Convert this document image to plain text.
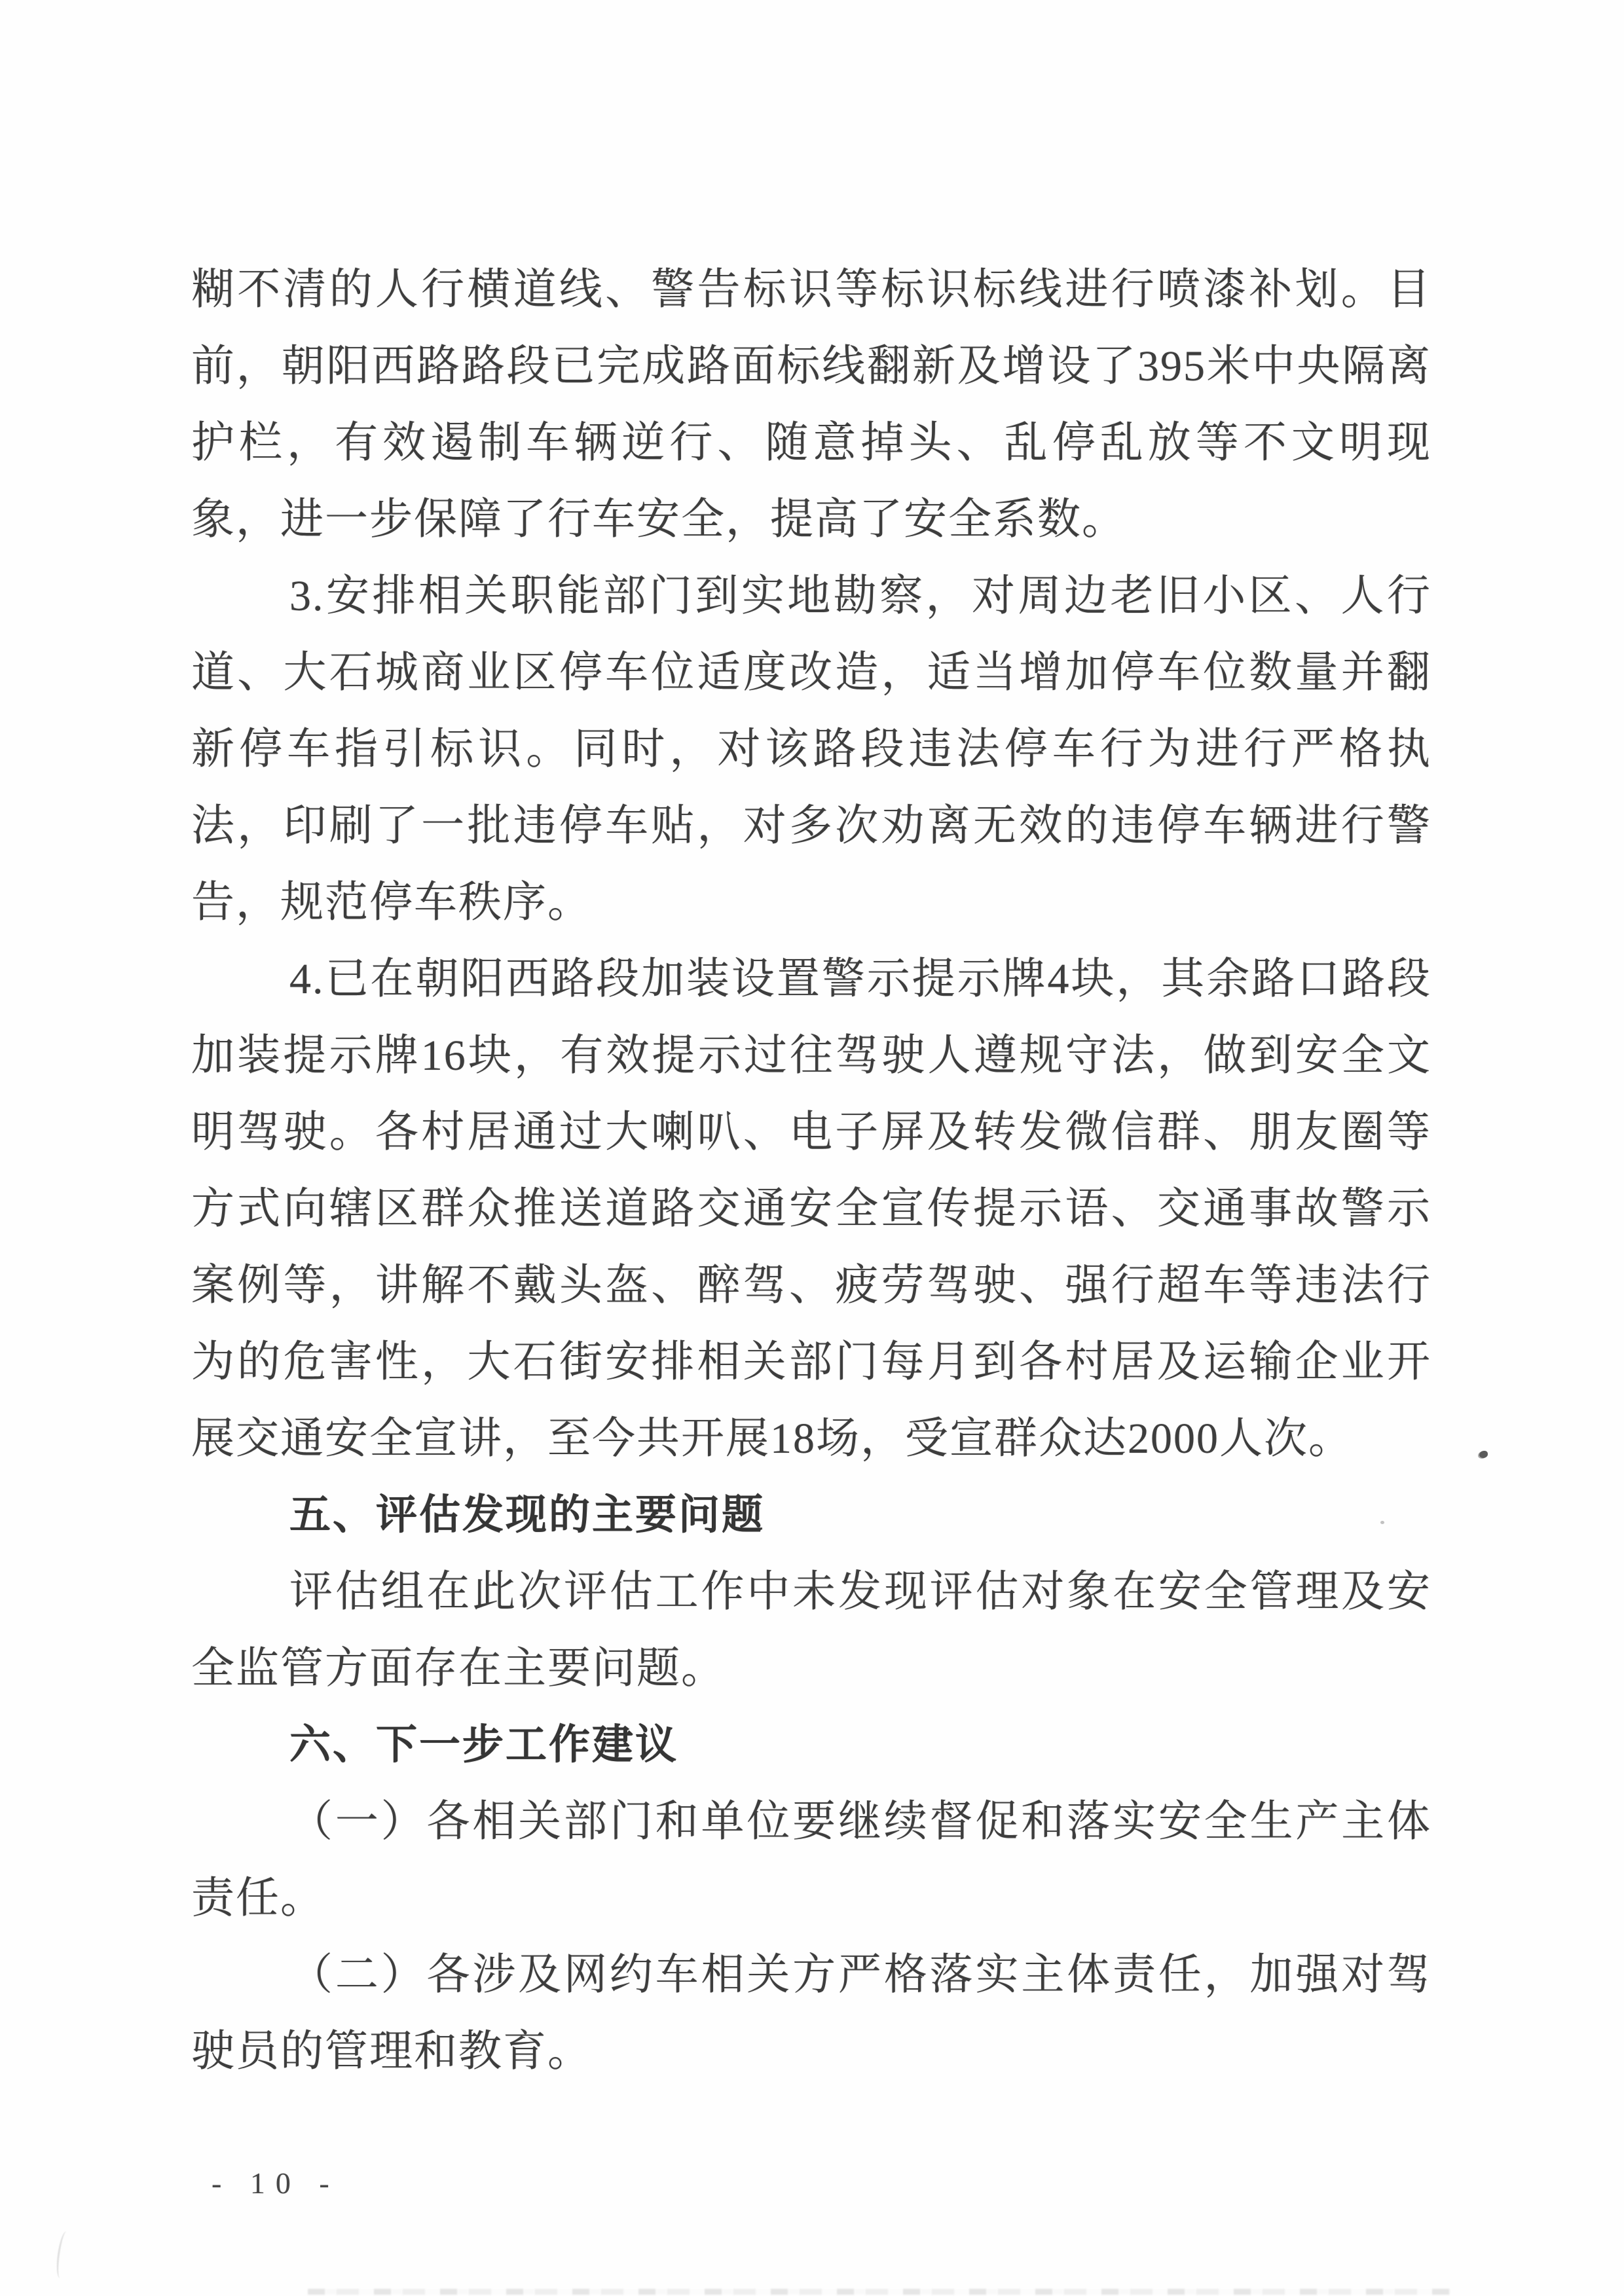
糊不清的人行横道线、警告标识等标识标线进行喷漆补划。目
前，朝阳西路路段已完成路面标线翻新及增设了395米中央隔离
护栏，有效遏制车辆逆行、随意掉头、乱停乱放等不文明现
象，进一步保障了行车安全，提高了安全系数。
3.安排相关职能部门到实地勘察，对周边老旧小区、人行
道、大石城商业区停车位适度改造，适当增加停车位数量并翻
新停车指引标识。同时，对该路段违法停车行为进行严格执
法，印刷了一批违停车贴，对多次劝离无效的违停车辆进行警
告，规范停车秩序。
4.已在朝阳西路段加装设置警示提示牌4块，其余路口路段
加装提示牌16块，有效提示过往驾驶人遵规守法，做到安全文
明驾驶。各村居通过大喇叭、电子屏及转发微信群、朋友圈等
方式向辖区群众推送道路交通安全宣传提示语、交通事故警示
案例等，讲解不戴头盔、醉驾、疲劳驾驶、强行超车等违法行
为的危害性，大石街安排相关部门每月到各村居及运输企业开
展交通安全宣讲，至今共开展18场，受宣群众达2000人次。
五、评估发现的主要问题
评估组在此次评估工作中未发现评估对象在安全管理及安
全监管方面存在主要问题。
六、下一步工作建议
（一）各相关部门和单位要继续督促和落实安全生产主体
责任。
（二）各涉及网约车相关方严格落实主体责任，加强对驾
驶员的管理和教育。
- 10 -
